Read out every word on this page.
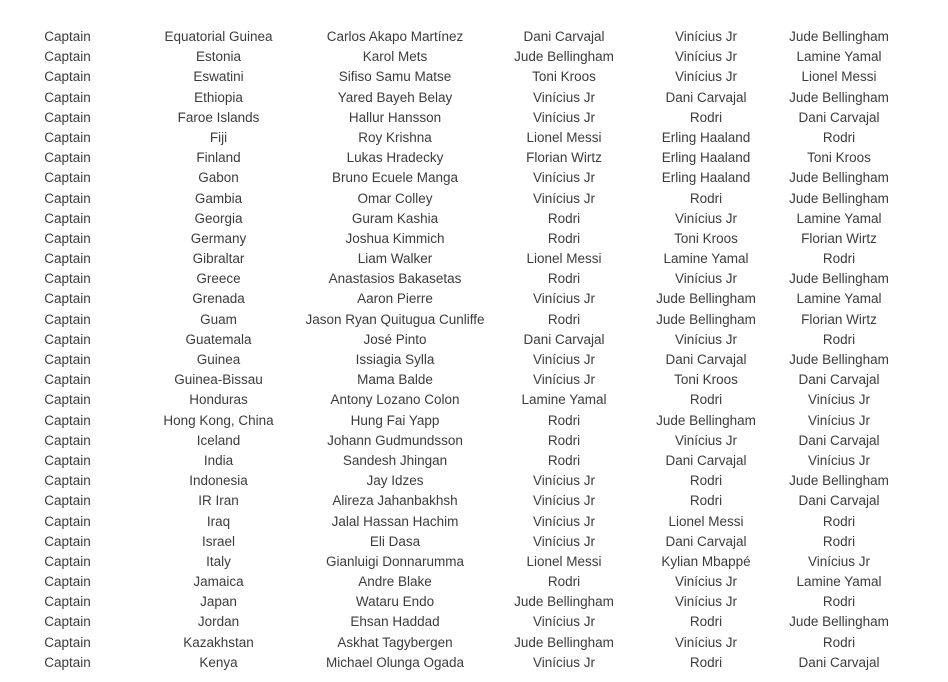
Captain	Equatorial Guinea	Carlos Akapo Martínez	Dani Carvajal	Vinícius Jr	Jude Bellingham
Captain	Estonia	Karol Mets	Jude Bellingham	Vinícius Jr	Lamine Yamal
Captain	Eswatini	Sifiso Samu Matse	Toni Kroos	Vinícius Jr	Lionel Messi
Captain	Ethiopia	Yared Bayeh Belay	Vinícius Jr	Dani Carvajal	Jude Bellingham
Captain	Faroe Islands	Hallur Hansson	Vinícius Jr	Rodri	Dani Carvajal
Captain	Fiji	Roy Krishna	Lionel Messi	Erling Haaland	Rodri
Captain	Finland	Lukas Hradecky	Florian Wirtz	Erling Haaland	Toni Kroos
Captain	Gabon	Bruno Ecuele Manga	Vinícius Jr	Erling Haaland	Jude Bellingham
Captain	Gambia	Omar Colley	Vinícius Jr	Rodri	Jude Bellingham
Captain	Georgia	Guram Kashia	Rodri	Vinícius Jr	Lamine Yamal
Captain	Germany	Joshua Kimmich	Rodri	Toni Kroos	Florian Wirtz
Captain	Gibraltar	Liam Walker	Lionel Messi	Lamine Yamal	Rodri
Captain	Greece	Anastasios Bakasetas	Rodri	Vinícius Jr	Jude Bellingham
Captain	Grenada	Aaron Pierre	Vinícius Jr	Jude Bellingham	Lamine Yamal
Captain	Guam	Jason Ryan Quitugua Cunliffe	Rodri	Jude Bellingham	Florian Wirtz
Captain	Guatemala	José Pinto	Dani Carvajal	Vinícius Jr	Rodri
Captain	Guinea	Issiagia Sylla	Vinícius Jr	Dani Carvajal	Jude Bellingham
Captain	Guinea-Bissau	Mama Balde	Vinícius Jr	Toni Kroos	Dani Carvajal
Captain	Honduras	Antony Lozano Colon	Lamine Yamal	Rodri	Vinícius Jr
Captain	Hong Kong, China	Hung Fai Yapp	Rodri	Jude Bellingham	Vinícius Jr
Captain	Iceland	Johann Gudmundsson	Rodri	Vinícius Jr	Dani Carvajal
Captain	India	Sandesh Jhingan	Rodri	Dani Carvajal	Vinícius Jr
Captain	Indonesia	Jay Idzes	Vinícius Jr	Rodri	Jude Bellingham
Captain	IR Iran	Alireza Jahanbakhsh	Vinícius Jr	Rodri	Dani Carvajal
Captain	Iraq	Jalal Hassan Hachim	Vinícius Jr	Lionel Messi	Rodri
Captain	Israel	Eli Dasa	Vinícius Jr	Dani Carvajal	Rodri
Captain	Italy	Gianluigi Donnarumma	Lionel Messi	Kylian Mbappé	Vinícius Jr
Captain	Jamaica	Andre Blake	Rodri	Vinícius Jr	Lamine Yamal
Captain	Japan	Wataru Endo	Jude Bellingham	Vinícius Jr	Rodri
Captain	Jordan	Ehsan Haddad	Vinícius Jr	Rodri	Jude Bellingham
Captain	Kazakhstan	Askhat Tagybergen	Jude Bellingham	Vinícius Jr	Rodri
Captain	Kenya	Michael Olunga Ogada	Vinícius Jr	Rodri	Dani Carvajal
